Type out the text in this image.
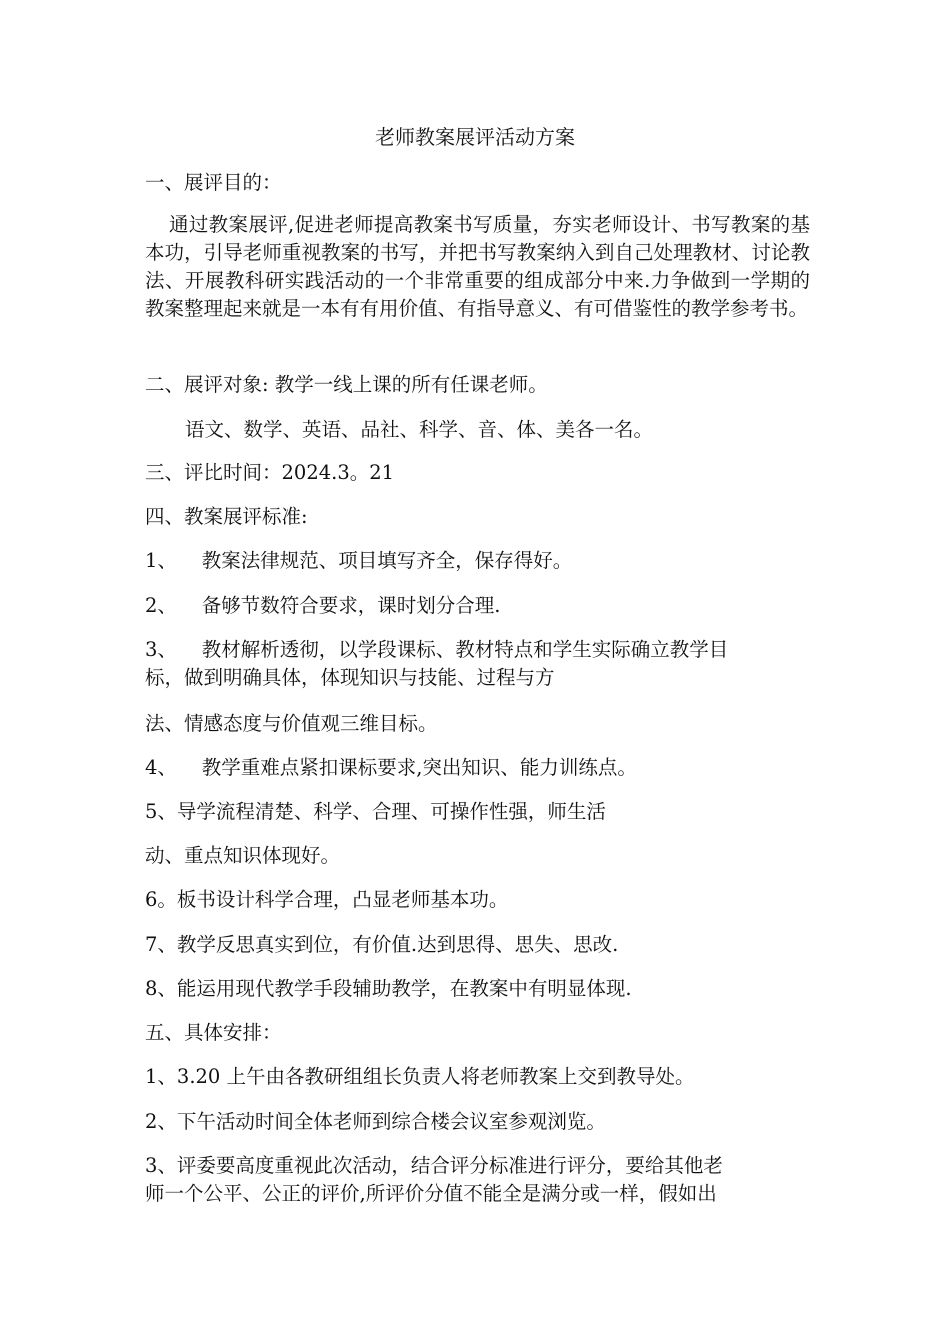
老师教案展评活动方案
一、展评目的：
通过教案展评,促进老师提高教案书写质量，夯实老师设计、书写教案的基本功，引导老师重视教案的书写，并把书写教案纳入到自己处理教材、讨论教法、开展教科研实践活动的一个非常重要的组成部分中来.力争做到一学期的教案整理起来就是一本有有用价值、有指导意义、有可借鉴性的教学参考书。
二、展评对象: 教学一线上课的所有任课老师。
语文、数学、英语、品社、科学、音、体、美各一名。
三、评比时间：2024.3。21
四、教案展评标准:
1、    教案法律规范、项目填写齐全，保存得好。
2、    备够节数符合要求，课时划分合理.
3、    教材解析透彻，以学段课标、教材特点和学生实际确立教学目
标，做到明确具体，体现知识与技能、过程与方
法、情感态度与价值观三维目标。
4、    教学重难点紧扣课标要求,突出知识、能力训练点。
5、导学流程清楚、科学、合理、可操作性强，师生活
动、重点知识体现好。
6。板书设计科学合理，凸显老师基本功。
7、教学反思真实到位，有价值.达到思得、思失、思改.
8、能运用现代教学手段辅助教学，在教案中有明显体现.
五、具体安排：
1、3.20 上午由各教研组组长负责人将老师教案上交到教导处。
2、下午活动时间全体老师到综合楼会议室参观浏览。
3、评委要高度重视此次活动，结合评分标准进行评分，要给其他老
师一个公平、公正的评价,所评价分值不能全是满分或一样，假如出
